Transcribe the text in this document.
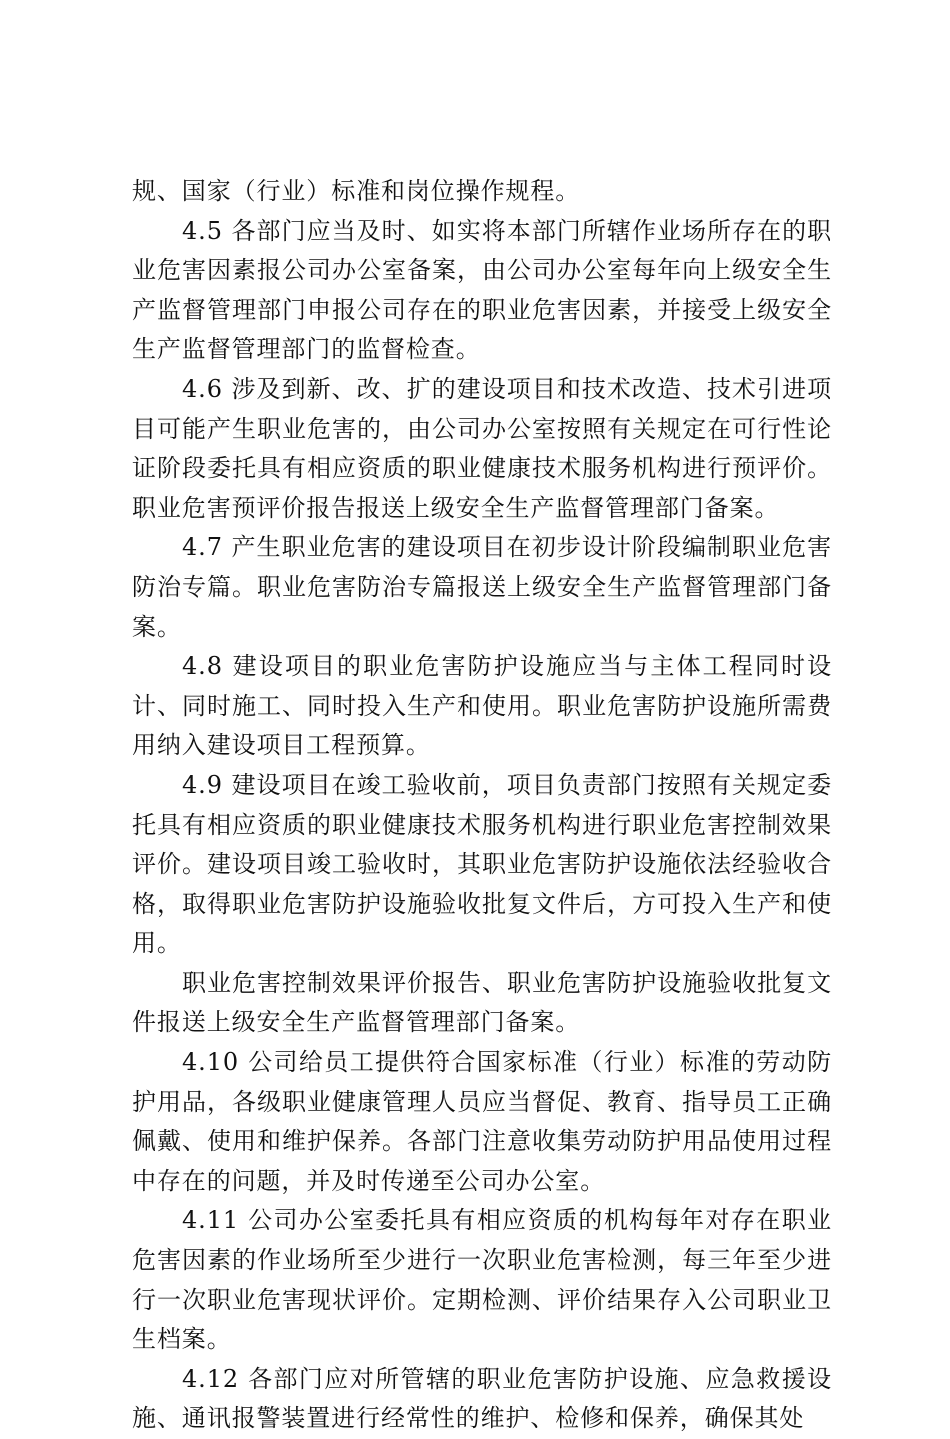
规、国家（行业）标准和岗位操作规程。

4.5 各部门应当及时、如实将本部门所辖作业场所存在的职业危害因素报公司办公室备案，由公司办公室每年向上级安全生产监督管理部门申报公司存在的职业危害因素，并接受上级安全生产监督管理部门的监督检查。

4.6 涉及到新、改、扩的建设项目和技术改造、技术引进项目可能产生职业危害的，由公司办公室按照有关规定在可行性论证阶段委托具有相应资质的职业健康技术服务机构进行预评价。职业危害预评价报告报送上级安全生产监督管理部门备案。

4.7 产生职业危害的建设项目在初步设计阶段编制职业危害防治专篇。职业危害防治专篇报送上级安全生产监督管理部门备案。

4.8 建设项目的职业危害防护设施应当与主体工程同时设计、同时施工、同时投入生产和使用。职业危害防护设施所需费用纳入建设项目工程预算。

4.9 建设项目在竣工验收前，项目负责部门按照有关规定委托具有相应资质的职业健康技术服务机构进行职业危害控制效果评价。建设项目竣工验收时，其职业危害防护设施依法经验收合格，取得职业危害防护设施验收批复文件后，方可投入生产和使用。

职业危害控制效果评价报告、职业危害防护设施验收批复文件报送上级安全生产监督管理部门备案。

4.10 公司给员工提供符合国家标准（行业）标准的劳动防护用品，各级职业健康管理人员应当督促、教育、指导员工正确佩戴、使用和维护保养。各部门注意收集劳动防护用品使用过程中存在的问题，并及时传递至公司办公室。

4.11 公司办公室委托具有相应资质的机构每年对存在职业危害因素的作业场所至少进行一次职业危害检测，每三年至少进行一次职业危害现状评价。定期检测、评价结果存入公司职业卫生档案。

4.12 各部门应对所管辖的职业危害防护设施、应急救援设施、通讯报警装置进行经常性的维护、检修和保养，确保其处
